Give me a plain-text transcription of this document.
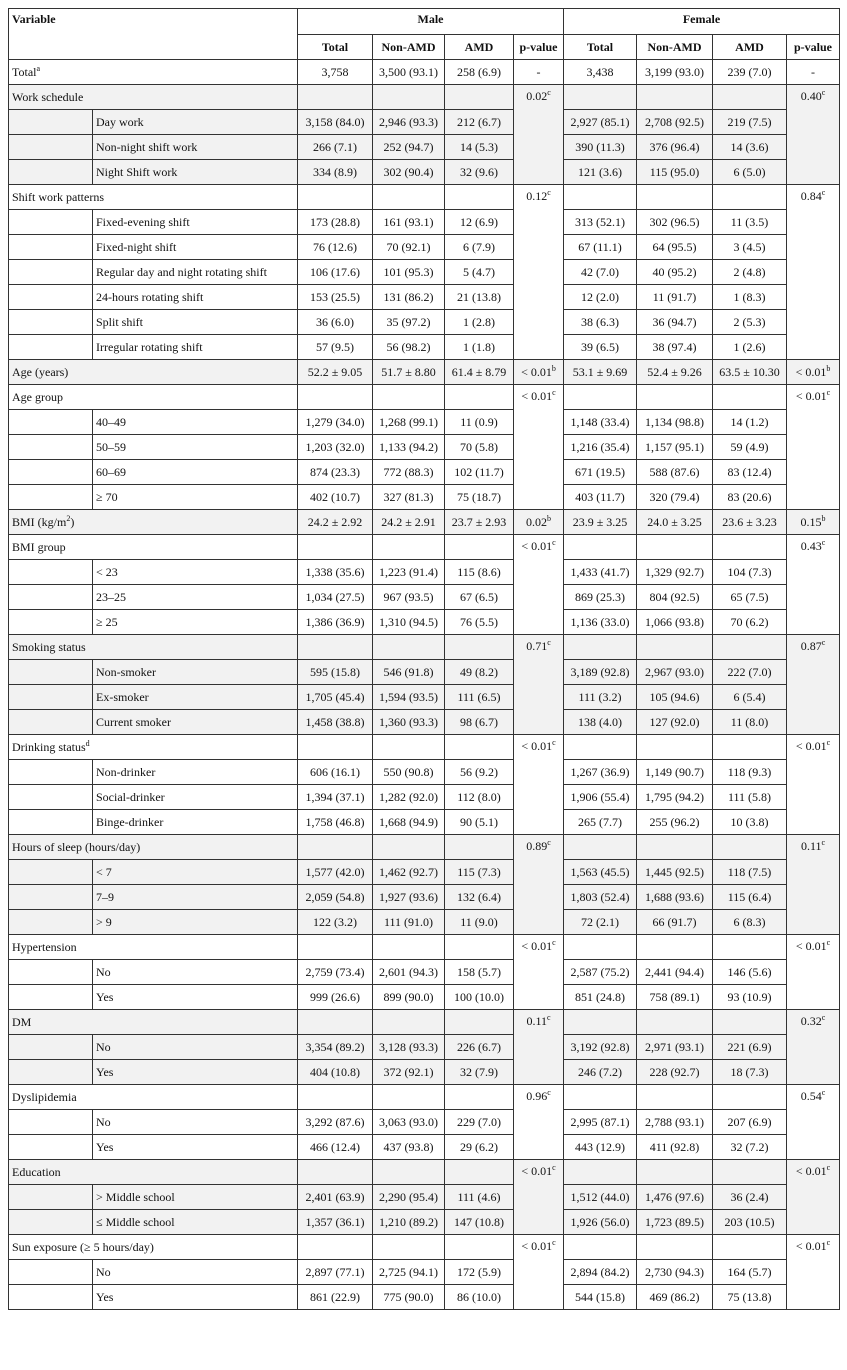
Variable		Male				Female			
		Total	Non-AMD	AMD	p-value	Total	Non-AMD	AMD	p-value
Total$^a$		3,758	3,500 (93.1)	258 (6.9)	-	3,438	3,199 (93.0)	239 (7.0)	-
Work schedule					0.02$^c$				0.40$^c$
	Day work	3,158 (84.0)	2,946 (93.3)	212 (6.7)		2,927 (85.1)	2,708 (92.5)	219 (7.5)	
	Non-night shift work	266 (7.1)	252 (94.7)	14 (5.3)		390 (11.3)	376 (96.4)	14 (3.6)	
	Night Shift work	334 (8.9)	302 (90.4)	32 (9.6)		121 (3.6)	115 (95.0)	6 (5.0)	
Shift work patterns					0.12$^c$				0.84$^c$
	Fixed-evening shift	173 (28.8)	161 (93.1)	12 (6.9)		313 (52.1)	302 (96.5)	11 (3.5)	
	Fixed-night shift	76 (12.6)	70 (92.1)	6 (7.9)		67 (11.1)	64 (95.5)	3 (4.5)	
	Regular day and night rotating shift	106 (17.6)	101 (95.3)	5 (4.7)		42 (7.0)	40 (95.2)	2 (4.8)	
	24-hours rotating shift	153 (25.5)	131 (86.2)	21 (13.8)		12 (2.0)	11 (91.7)	1 (8.3)	
	Split shift	36 (6.0)	35 (97.2)	1 (2.8)		38 (6.3)	36 (94.7)	2 (5.3)	
	Irregular rotating shift	57 (9.5)	56 (98.2)	1 (1.8)		39 (6.5)	38 (97.4)	1 (2.6)	
Age (years)		52.2 ± 9.05	51.7 ± 8.80	61.4 ± 8.79	< 0.01$^b$	53.1 ± 9.69	52.4 ± 9.26	63.5 ± 10.30	< 0.01$^b$
Age group					< 0.01$^c$				< 0.01$^c$
	40–49	1,279 (34.0)	1,268 (99.1)	11 (0.9)		1,148 (33.4)	1,134 (98.8)	14 (1.2)	
	50–59	1,203 (32.0)	1,133 (94.2)	70 (5.8)		1,216 (35.4)	1,157 (95.1)	59 (4.9)	
	60–69	874 (23.3)	772 (88.3)	102 (11.7)		671 (19.5)	588 (87.6)	83 (12.4)	
	≥ 70	402 (10.7)	327 (81.3)	75 (18.7)		403 (11.7)	320 (79.4)	83 (20.6)	
BMI $(kg/m^2)$		24.2 ± 2.92	24.2 ± 2.91	23.7 ± 2.93	0.02$^b$	23.9 ± 3.25	24.0 ± 3.25	23.6 ± 3.23	0.15$^b$
BMI group					< 0.01$^c$				0.43$^c$
	< 23	1,338 (35.6)	1,223 (91.4)	115 (8.6)		1,433 (41.7)	1,329 (92.7)	104 (7.3)	
	23–25	1,034 (27.5)	967 (93.5)	67 (6.5)		869 (25.3)	804 (92.5)	65 (7.5)	
	≥ 25	1,386 (36.9)	1,310 (94.5)	76 (5.5)		1,136 (33.0)	1,066 (93.8)	70 (6.2)	
Smoking status					0.71$^c$				0.87$^c$
	Non-smoker	595 (15.8)	546 (91.8)	49 (8.2)		3,189 (92.8)	2,967 (93.0)	222 (7.0)	
	Ex-smoker	1,705 (45.4)	1,594 (93.5)	111 (6.5)		111 (3.2)	105 (94.6)	6 (5.4)	
	Current smoker	1,458 (38.8)	1,360 (93.3)	98 (6.7)		138 (4.0)	127 (92.0)	11 (8.0)	
Drinking status$^d$					< 0.01$^c$				< 0.01$^c$
	Non-drinker	606 (16.1)	550 (90.8)	56 (9.2)		1,267 (36.9)	1,149 (90.7)	118 (9.3)	
	Social-drinker	1,394 (37.1)	1,282 (92.0)	112 (8.0)		1,906 (55.4)	1,795 (94.2)	111 (5.8)	
	Binge-drinker	1,758 (46.8)	1,668 (94.9)	90 (5.1)		265 (7.7)	255 (96.2)	10 (3.8)	
Hours of sleep (hours/day)					0.89$^c$				0.11$^c$
	< 7	1,577 (42.0)	1,462 (92.7)	115 (7.3)		1,563 (45.5)	1,445 (92.5)	118 (7.5)	
	7–9	2,059 (54.8)	1,927 (93.6)	132 (6.4)		1,803 (52.4)	1,688 (93.6)	115 (6.4)	
	> 9	122 (3.2)	111 (91.0)	11 (9.0)		72 (2.1)	66 (91.7)	6 (8.3)	
Hypertension					< 0.01$^c$				< 0.01$^c$
	No	2,759 (73.4)	2,601 (94.3)	158 (5.7)		2,587 (75.2)	2,441 (94.4)	146 (5.6)	
	Yes	999 (26.6)	899 (90.0)	100 (10.0)		851 (24.8)	758 (89.1)	93 (10.9)	
DM					0.11$^c$				0.32$^c$
	No	3,354 (89.2)	3,128 (93.3)	226 (6.7)		3,192 (92.8)	2,971 (93.1)	221 (6.9)	
	Yes	404 (10.8)	372 (92.1)	32 (7.9)		246 (7.2)	228 (92.7)	18 (7.3)	
Dyslipidemia					0.96$^c$				0.54$^c$
	No	3,292 (87.6)	3,063 (93.0)	229 (7.0)		2,995 (87.1)	2,788 (93.1)	207 (6.9)	
	Yes	466 (12.4)	437 (93.8)	29 (6.2)		443 (12.9)	411 (92.8)	32 (7.2)	
Education					< 0.01$^c$				< 0.01$^c$
	> Middle school	2,401 (63.9)	2,290 (95.4)	111 (4.6)		1,512 (44.0)	1,476 (97.6)	36 (2.4)	
	≤ Middle school	1,357 (36.1)	1,210 (89.2)	147 (10.8)		1,926 (56.0)	1,723 (89.5)	203 (10.5)	
Sun exposure (≥ 5 hours/day)					< 0.01$^c$				< 0.01$^c$
	No	2,897 (77.1)	2,725 (94.1)	172 (5.9)		2,894 (84.2)	2,730 (94.3)	164 (5.7)	
	Yes	861 (22.9)	775 (90.0)	86 (10.0)		544 (15.8)	469 (86.2)	75 (13.8)	
